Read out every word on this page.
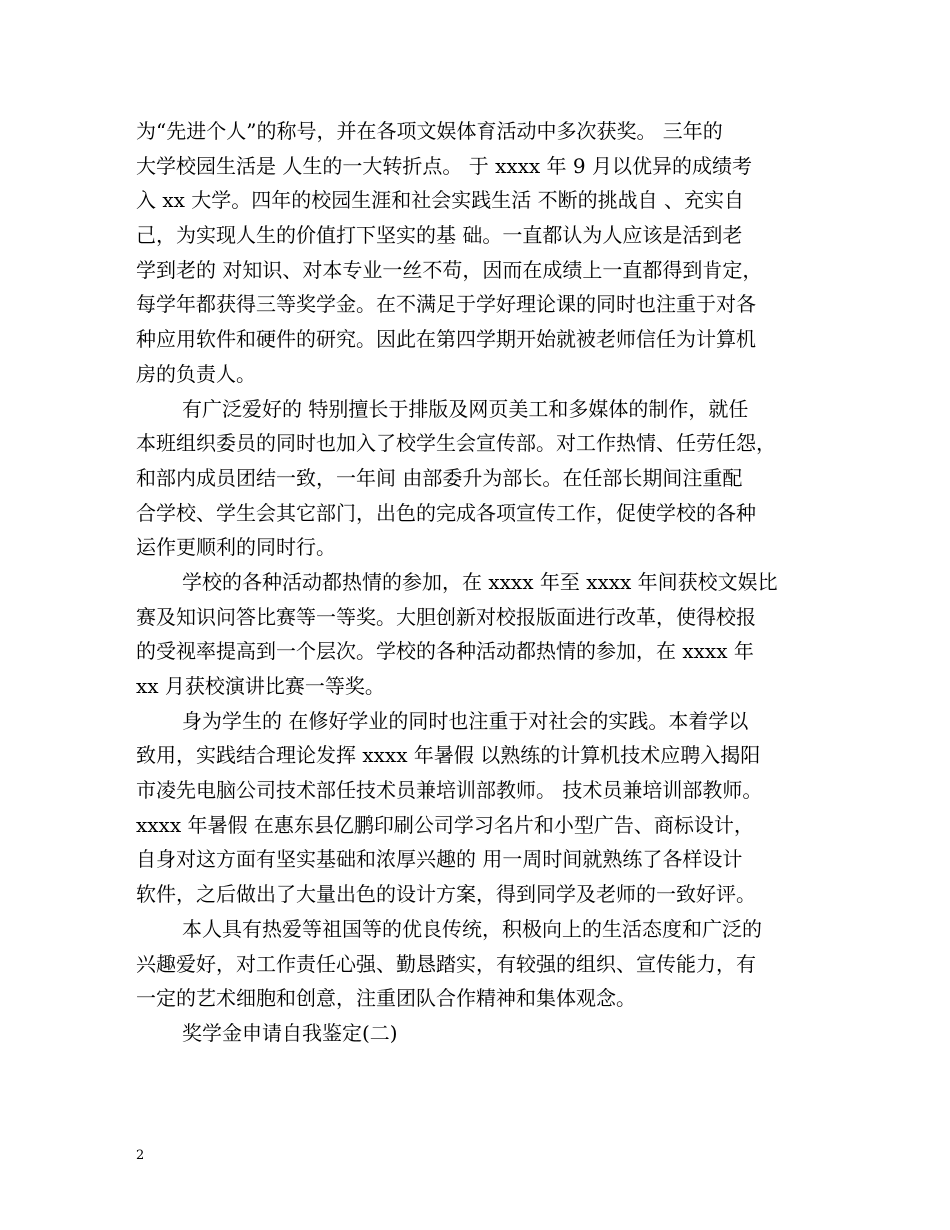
为“先进个人”的称号，并在各项文娱体育活动中多次获奖。 三年的
大学校园生活是 人生的一大转折点。 于 xxxx 年 9 月以优异的成绩考
入 xx 大学。四年的校园生涯和社会实践生活 不断的挑战自 、充实自
己，为实现人生的价值打下坚实的基 础。一直都认为人应该是活到老
学到老的 对知识、对本专业一丝不苟，因而在成绩上一直都得到肯定，
每学年都获得三等奖学金。在不满足于学好理论课的同时也注重于对各
种应用软件和硬件的研究。因此在第四学期开始就被老师信任为计算机
房的负责人。
有广泛爱好的 特别擅长于排版及网页美工和多媒体的制作，就任
本班组织委员的同时也加入了校学生会宣传部。对工作热情、任劳任怨，
和部内成员团结一致，一年间 由部委升为部长。在任部长期间注重配
合学校、学生会其它部门，出色的完成各项宣传工作，促使学校的各种
运作更顺利的同时行。
学校的各种活动都热情的参加，在 xxxx 年至 xxxx 年间获校文娱比
赛及知识问答比赛等一等奖。大胆创新对校报版面进行改革，使得校报
的受视率提高到一个层次。学校的各种活动都热情的参加，在 xxxx 年
xx 月获校演讲比赛一等奖。
身为学生的 在修好学业的同时也注重于对社会的实践。本着学以
致用，实践结合理论发挥 xxxx 年暑假 以熟练的计算机技术应聘入揭阳
市凌先电脑公司技术部任技术员兼培训部教师。 技术员兼培训部教师。
xxxx 年暑假 在惠东县亿鹏印刷公司学习名片和小型广告、商标设计，
自身对这方面有坚实基础和浓厚兴趣的 用一周时间就熟练了各样设计
软件，之后做出了大量出色的设计方案，得到同学及老师的一致好评。
本人具有热爱等祖国等的优良传统，积极向上的生活态度和广泛的
兴趣爱好，对工作责任心强、勤恳踏实，有较强的组织、宣传能力，有
一定的艺术细胞和创意，注重团队合作精神和集体观念。
奖学金申请自我鉴定(二)
2
